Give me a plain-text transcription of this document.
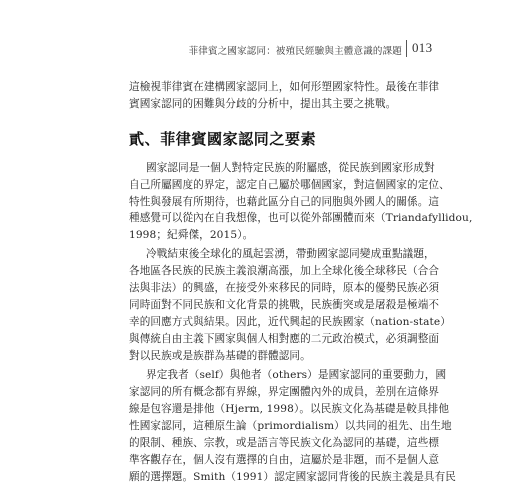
菲律賓之國家認同：被殖民經驗與主體意識的課題 013
這檢視菲律賓在建構國家認同上，如何形塑國家特性。最後在菲律
賓國家認同的困難與分歧的分析中，提出其主要之挑戰。
貳、菲律賓國家認同之要素
國家認同是一個人對特定民族的附屬感，從民族到國家形成對
自己所屬國度的界定，認定自己屬於哪個國家，對這個國家的定位、
特性與發展有所期待，也藉此區分自己的同胞與外國人的關係。這
種感覺可以從內在自我想像，也可以從外部團體而來（Triandafyllidou,
1998；紀舜傑，2015）。
冷戰結束後全球化的風起雲湧，帶動國家認同變成重點議題，
各地區各民族的民族主義浪潮高漲，加上全球化後全球移民（合合
法與非法）的興盛，在接受外來移民的同時，原本的優勢民族必須
同時面對不同民族和文化背景的挑戰，民族衝突或是屠殺是極端不
幸的回應方式與結果。因此，近代興起的民族國家（nation-state）
與傳統自由主義下國家與個人相對應的二元政治模式，必須調整面
對以民族或是族群為基礎的群體認同。
界定我者（self）與他者（others）是國家認同的重要動力，國
家認同的所有概念都有界線，界定團體內外的成員，差別在這條界
線是包容還是排他（Hjerm, 1998）。以民族文化為基礎是較具排他
性國家認同，這種原生論（primordialism）以共同的祖先、出生地
的限制、種族、宗教，或是語言等民族文化為認同的基礎，這些標
準客觀存在，個人沒有選擇的自由，這屬於是非題，而不是個人意
願的選擇題。Smith（1991）認定國家認同背後的民族主義是具有民
